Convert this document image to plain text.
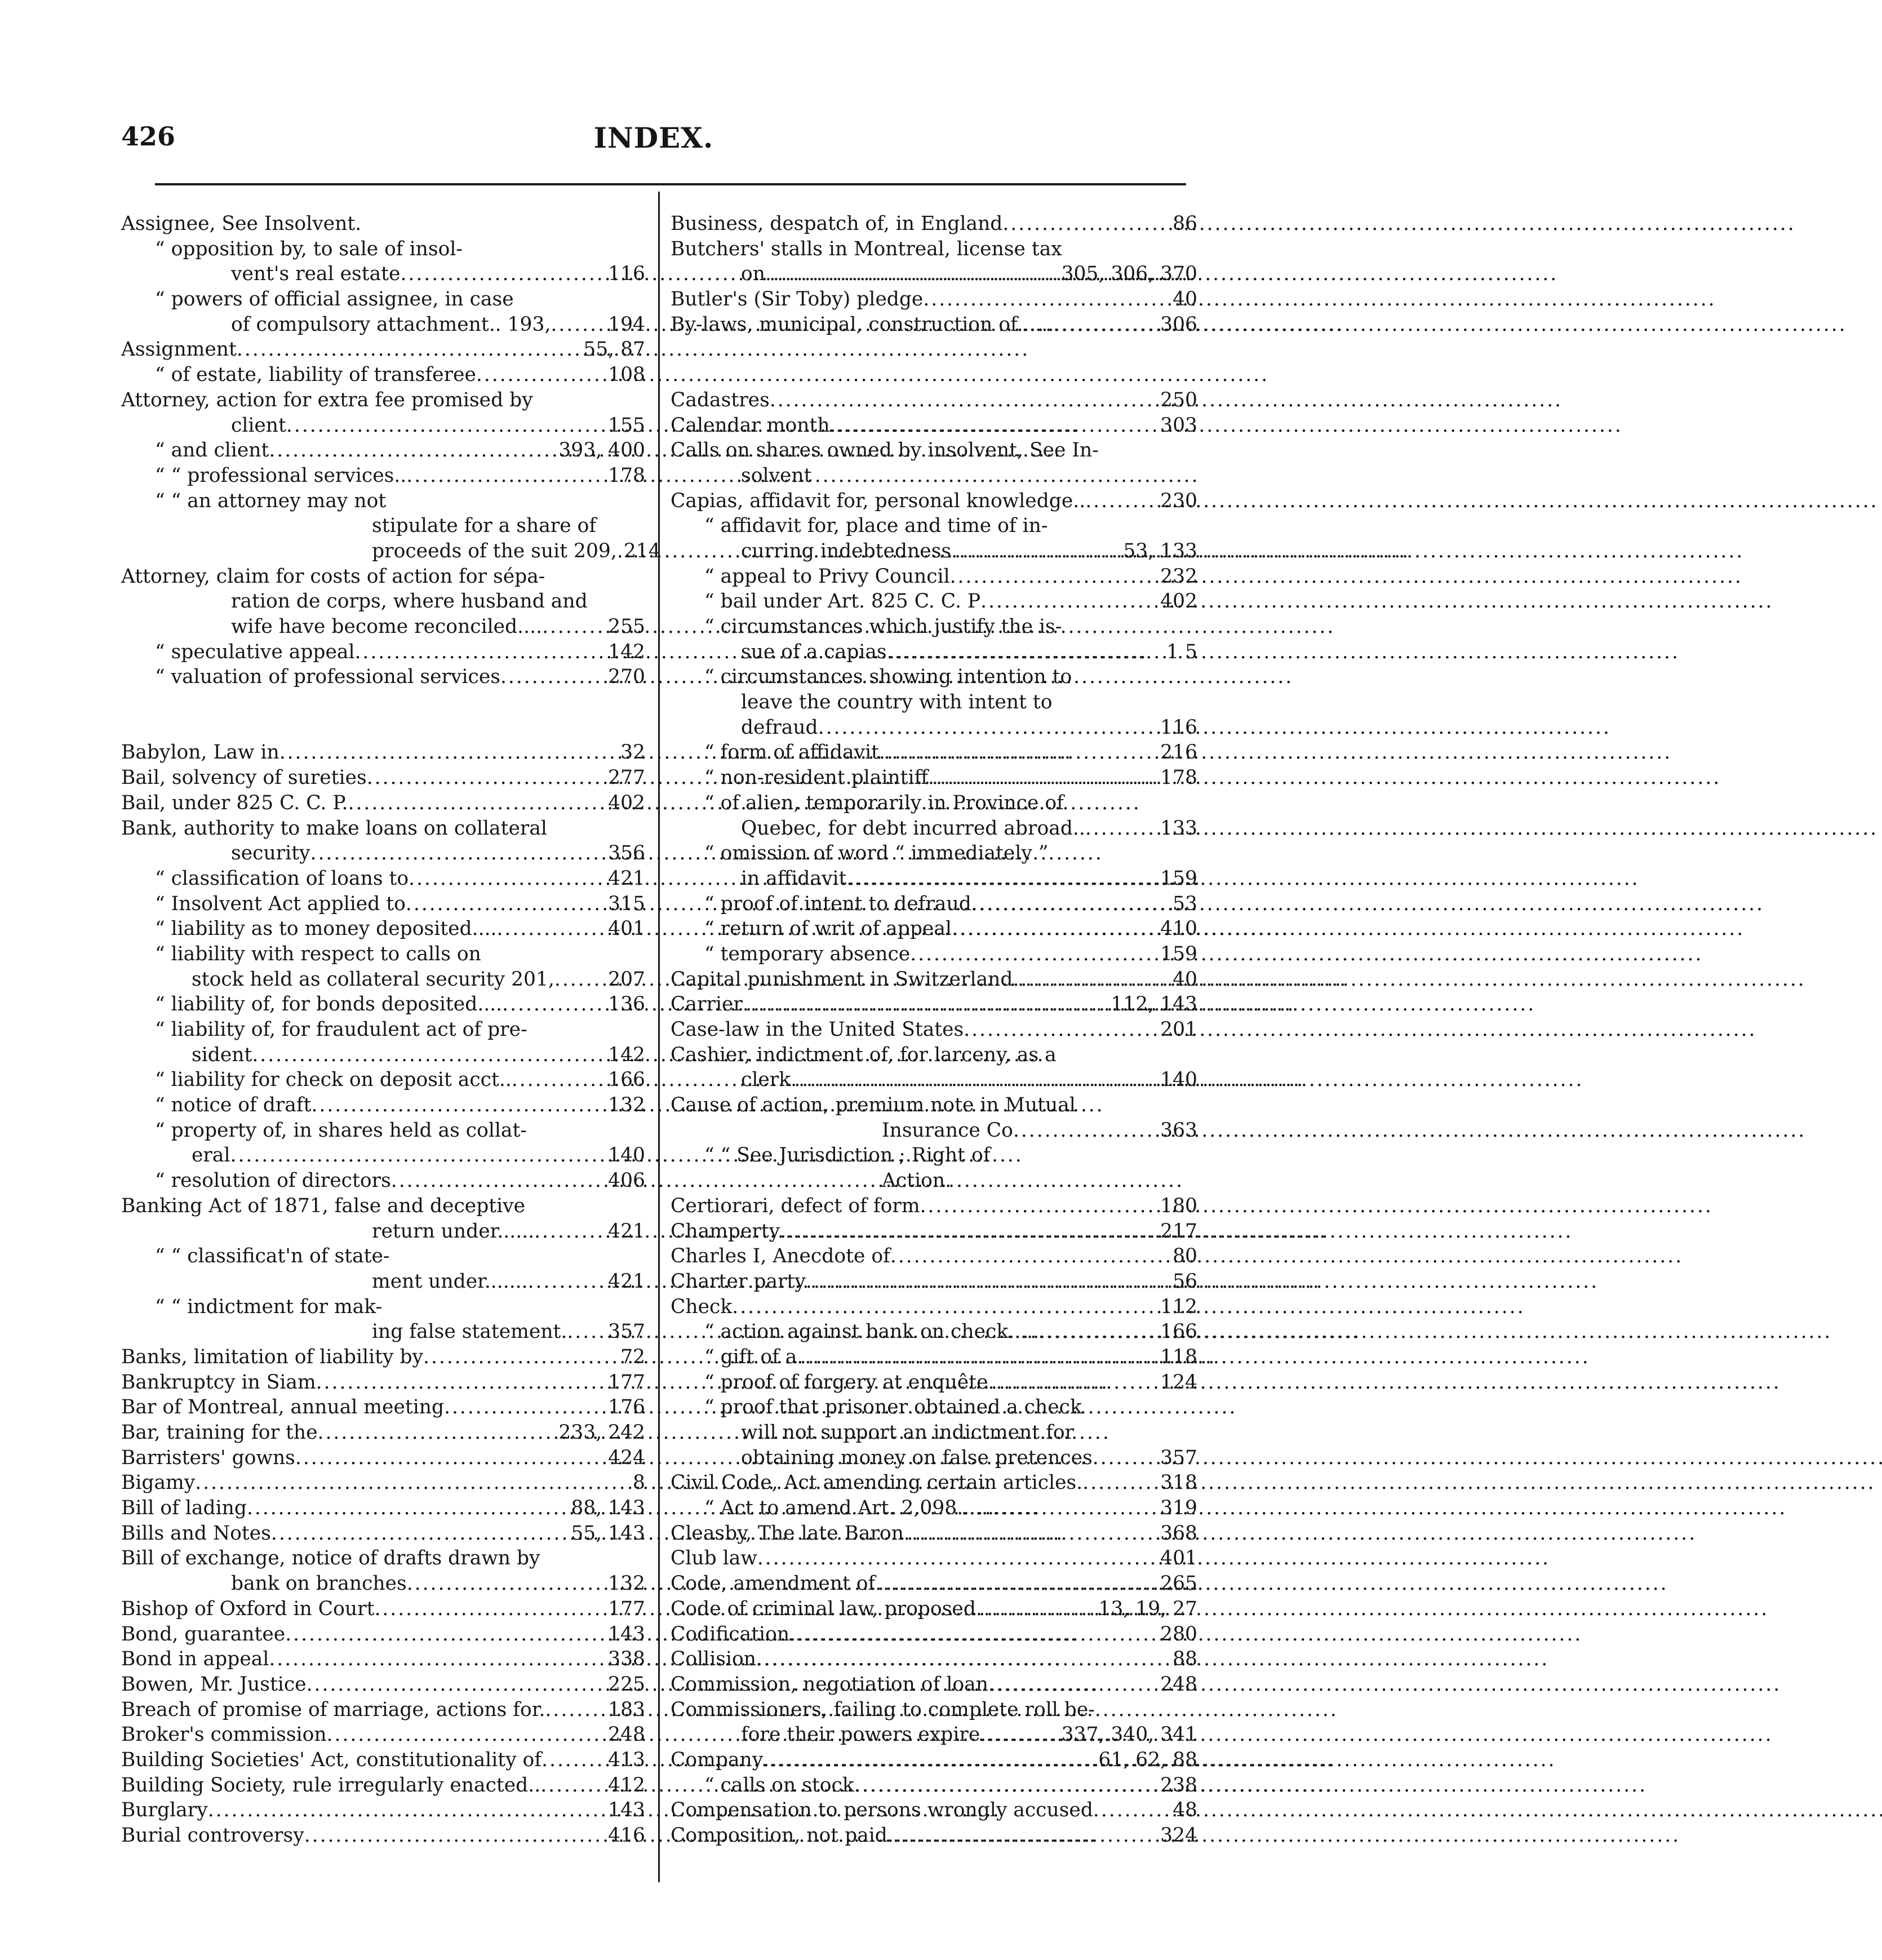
426	INDEX.
Assignee, See Insolvent.
“ opposition by, to sale of insol-
vent's real estate . . .	116
“ powers of official assignee, in case
of compulsory attachment.. 193, . . .	194
Assignment . . .	55, 87
“ of estate, liability of transferee . . .	108
Attorney, action for extra fee promised by
client . . .	155
“ and client . . .	393, 400
“ “ professional services.. . . .	178
“ “ an attorney may not
stipulate for a share of
proceeds of the suit 209, . . . 214
Attorney, claim for costs of action for sépa-
ration de corps, where husband and
wife have become reconciled.... . . .	255
“ speculative appeal . . .	142
“ valuation of professional services . . .	270
Babylon, Law in . . .	32
Bail, solvency of sureties . . .	277
Bail, under 825 C. C. P. . . .	402
Bank, authority to make loans on collateral
security . . .	356
“ classification of loans to . . .	421
“ Insolvent Act applied to . . .	315
“ liability as to money deposited.... . . .	401
“ liability with respect to calls on
stock held as collateral security 201, . . .	207
“ liability of, for bonds deposited.... . . .	136
“ liability of, for fraudulent act of pre-
sident . . .	142
“ liability for check on deposit acct.. . . .	166
“ notice of draft . . .	132
“ property of, in shares held as collat-
eral . . .	140
“ resolution of directors . . .	406
Banking Act of 1871, false and deceptive
return under...... . . .	421
“ “ classificat'n of state-
ment under....... . . .	421
“ “ indictment for mak-
ing false statement. . . . 357
Banks, limitation of liability by . . .	72
Bankruptcy in Siam . . .	177
Bar of Montreal, annual meeting . . .	176
Bar, training for the . . .	233, 242
Barristers' gowns . . .	424
Bigamy . . .	8
Bill of lading . . .	88, 143
Bills and Notes . . .	55, 143
Bill of exchange, notice of drafts drawn by
bank on branches . . .	132
Bishop of Oxford in Court . . .	177
Bond, guarantee . . .	143
Bond in appeal . . .	338
Bowen, Mr. Justice . . .	225
Breach of promise of marriage, actions for. . . .	183
Broker's commission . . .	248
Building Societies' Act, constitutionality of . . .	413
Building Society, rule irregularly enacted.. . . .	412
Burglary . . .	143
Burial controversy . . .	416
Business, despatch of, in England . . .	86
Butchers' stalls in Montreal, license tax
on . . .	305, 306, 370
Butler's (Sir Toby) pledge . . .	40
By-laws, municipal, construction of...... . . .	306
Cadastres . . .	250
Calendar month . . .	303
Calls on shares owned by insolvent, See In-
solvent
Capias, affidavit for, personal knowledge.. . . .	230
“ affidavit for, place and time of in-
curring indebtedness . . .	53, 133
“ appeal to Privy Council . . .	232
“ bail under Art. 825 C. C. P . . .	402
“ circumstances which justify the is-
sue of a capias . . .	1 5
“ circumstances showing intention to
leave the country with intent to
defraud . . .	116
“ form of affidavit . . .	216
“ non-resident plaintiff . . .	178
“ of alien, temporarily in Province of
Quebec, for debt incurred abroad.. . . .	133
“ omission of word “ immediately ”
in affidavit . . .	159
“ proof of intent to defraud . . .	53
“ return of writ of appeal . . .	410
“ temporary absence . . .	159
Capital punishment in Switzerland . . .	40
Carrier . . .	112, 143
Case-law in the United States . . .	201
Cashier, indictment of, for larceny, as a
clerk . . .	140
Cause of action, premium note in Mutual
Insurance Co . . .	363
“ “ See Jurisdiction ; Right of
Action.
Certiorari, defect of form . . .	180
Champerty . . .	217
Charles I, Anecdote of . . .	80
Charter party . . .	56
Check . . .	112
“ action against bank on check..... . . .	166
“ gift of a . . .	118
“ proof of forgery at enquête . . .	124
“ proof that prisoner obtained a check
will not support an indictment for
obtaining money on false pretences . . .	357
Civil Code, Act amending certain articles. . . .	318
“ Act to amend Art. 2,098...... . . .	319
Cleasby, The late Baron . . .	368
Club law . . .	401
Code, amendment of . . .	265
Code of criminal law, proposed . . .	13, 19, 27
Codification . . .	280
Collision . . .	88
Commission, negotiation of loan . . .	248
Commissioners, failing to complete roll be-
fore their powers expire . . .	337, 340, 341
Company . . .	61, 62, 88
“ calls on stock . . .	238
Compensation to persons wrongly accused . . .	48
Composition, not paid . . .	324
